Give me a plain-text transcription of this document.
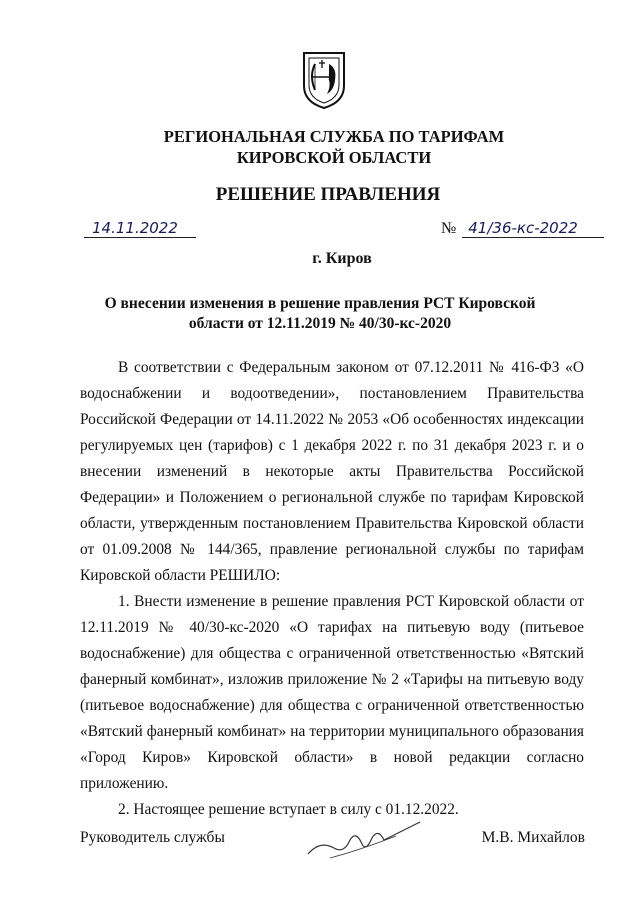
РЕГИОНАЛЬНАЯ СЛУЖБА ПО ТАРИФАМ
КИРОВСКОЙ ОБЛАСТИ
РЕШЕНИЕ ПРАВЛЕНИЯ
14.11.2022	№ 41/36-кс-2022
г. Киров
О внесении изменения в решение правления РСТ Кировской
области от 12.11.2019 № 40/30-кс-2020

В соответствии с Федеральным законом от 07.12.2011 № 416-ФЗ «О водоснабжении и водоотведении», постановлением Правительства Российской Федерации от 14.11.2022 № 2053 «Об особенностях индексации регулируемых цен (тарифов) с 1 декабря 2022 г. по 31 декабря 2023 г. и о внесении изменений в некоторые акты Правительства Российской Федерации» и Положением о региональной службе по тарифам Кировской области, утвержденным постановлением Правительства Кировской области от 01.09.2008 № 144/365, правление региональной службы по тарифам Кировской области РЕШИЛО:

1. Внести изменение в решение правления РСТ Кировской области от 12.11.2019 № 40/30-кс-2020 «О тарифах на питьевую воду (питьевое водоснабжение) для общества с ограниченной ответственностью «Вятский фанерный комбинат», изложив приложение № 2 «Тарифы на питьевую воду (питьевое водоснабжение) для общества с ограниченной ответственностью «Вятский фанерный комбинат» на территории муниципального образования «Город Киров» Кировской области» в новой редакции согласно приложению.

2. Настоящее решение вступает в силу с 01.12.2022.

Руководитель службы	М.В. Михайлов
